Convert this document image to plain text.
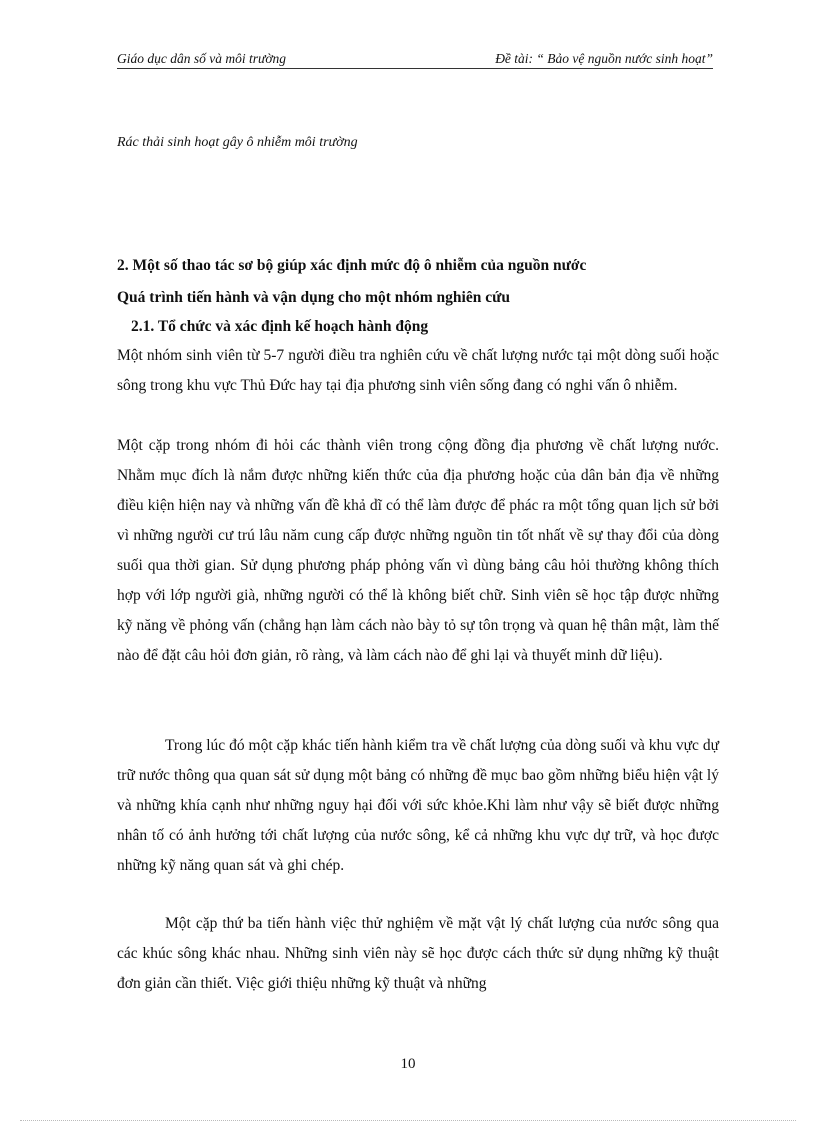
Giáo dục dân số và môi trường	Đề tài: “ Bảo vệ nguồn nước sinh hoạt”
Rác thải sinh hoạt gây ô nhiễm môi trường
2. Một số thao tác sơ bộ giúp xác định mức độ ô nhiễm của nguồn nước
Quá trình tiến hành và vận dụng cho một nhóm nghiên cứu
2.1. Tổ chức và xác định kế hoạch hành động

Một nhóm sinh viên từ 5-7 người điều tra nghiên cứu về chất lượng nước tại một dòng suối hoặc sông trong khu vực Thủ Đức hay tại địa phương sinh viên sống đang có nghi vấn ô nhiễm.

Một cặp trong nhóm đi hỏi các thành viên trong cộng đồng địa phương về chất lượng nước. Nhằm mục đích là nắm được những kiến thức của địa phương hoặc của dân bản địa về những điều kiện hiện nay và những vấn đề khả dĩ có thể làm được để phác ra một tổng quan lịch sử bởi vì những người cư trú lâu năm cung cấp được những nguồn tin tốt nhất về sự thay đổi của dòng suối qua thời gian. Sử dụng phương pháp phỏng vấn vì dùng bảng câu hỏi thường không thích hợp với lớp người già, những người có thể là không biết chữ. Sinh viên sẽ học tập được những kỹ năng về phỏng vấn (chẳng hạn làm cách nào bày tỏ sự tôn trọng và quan hệ thân mật, làm thế nào để đặt câu hỏi đơn giản, rõ ràng, và làm cách nào để ghi lại và thuyết minh dữ liệu).

Trong lúc đó một cặp khác tiến hành kiểm tra về chất lượng của dòng suối và khu vực dự trữ nước thông qua quan sát sử dụng một bảng có những đề mục bao gồm những biểu hiện vật lý và những khía cạnh như những nguy hại đối với sức khỏe.Khi làm như vậy sẽ biết được những nhân tố có ảnh hưởng tới chất lượng của nước sông, kể cả những khu vực dự trữ, và học được những kỹ năng quan sát và ghi chép.

Một cặp thứ ba tiến hành việc thử nghiệm về mặt vật lý chất lượng của nước sông qua các khúc sông khác nhau. Những sinh viên này sẽ học được cách thức sử dụng những kỹ thuật đơn giản cần thiết. Việc giới thiệu những kỹ thuật và những

10
